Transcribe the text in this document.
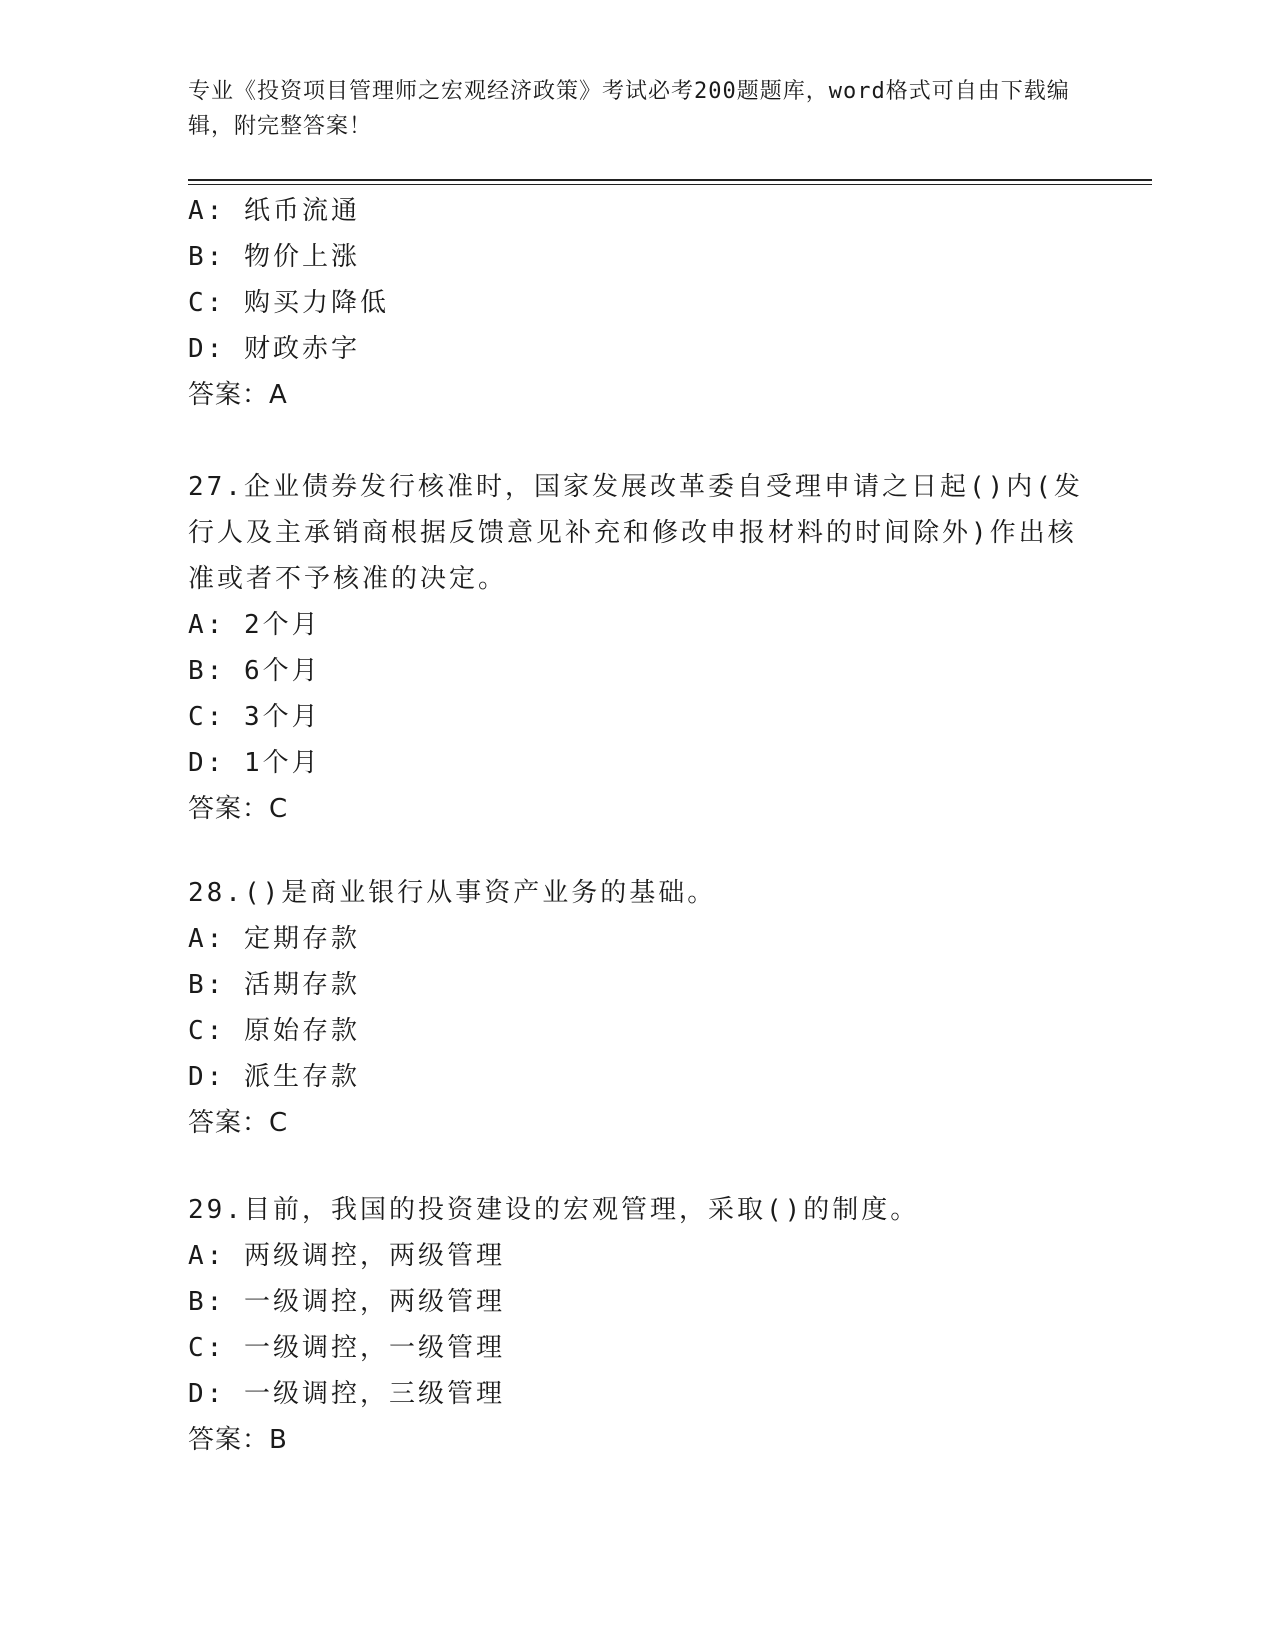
专业《投资项目管理师之宏观经济政策》考试必考200题题库，word格式可自由下载编辑，附完整答案！
A: 纸币流通
B: 物价上涨
C: 购买力降低
D: 财政赤字
答案：A
27.企业债券发行核准时，国家发展改革委自受理申请之日起()内(发行人及主承销商根据反馈意见补充和修改申报材料的时间除外)作出核准或者不予核准的决定。
A: 2个月
B: 6个月
C: 3个月
D: 1个月
答案：C
28.()是商业银行从事资产业务的基础。
A: 定期存款
B: 活期存款
C: 原始存款
D: 派生存款
答案：C
29.目前，我国的投资建设的宏观管理，采取()的制度。
A: 两级调控，两级管理
B: 一级调控，两级管理
C: 一级调控，一级管理
D: 一级调控，三级管理
答案：B
